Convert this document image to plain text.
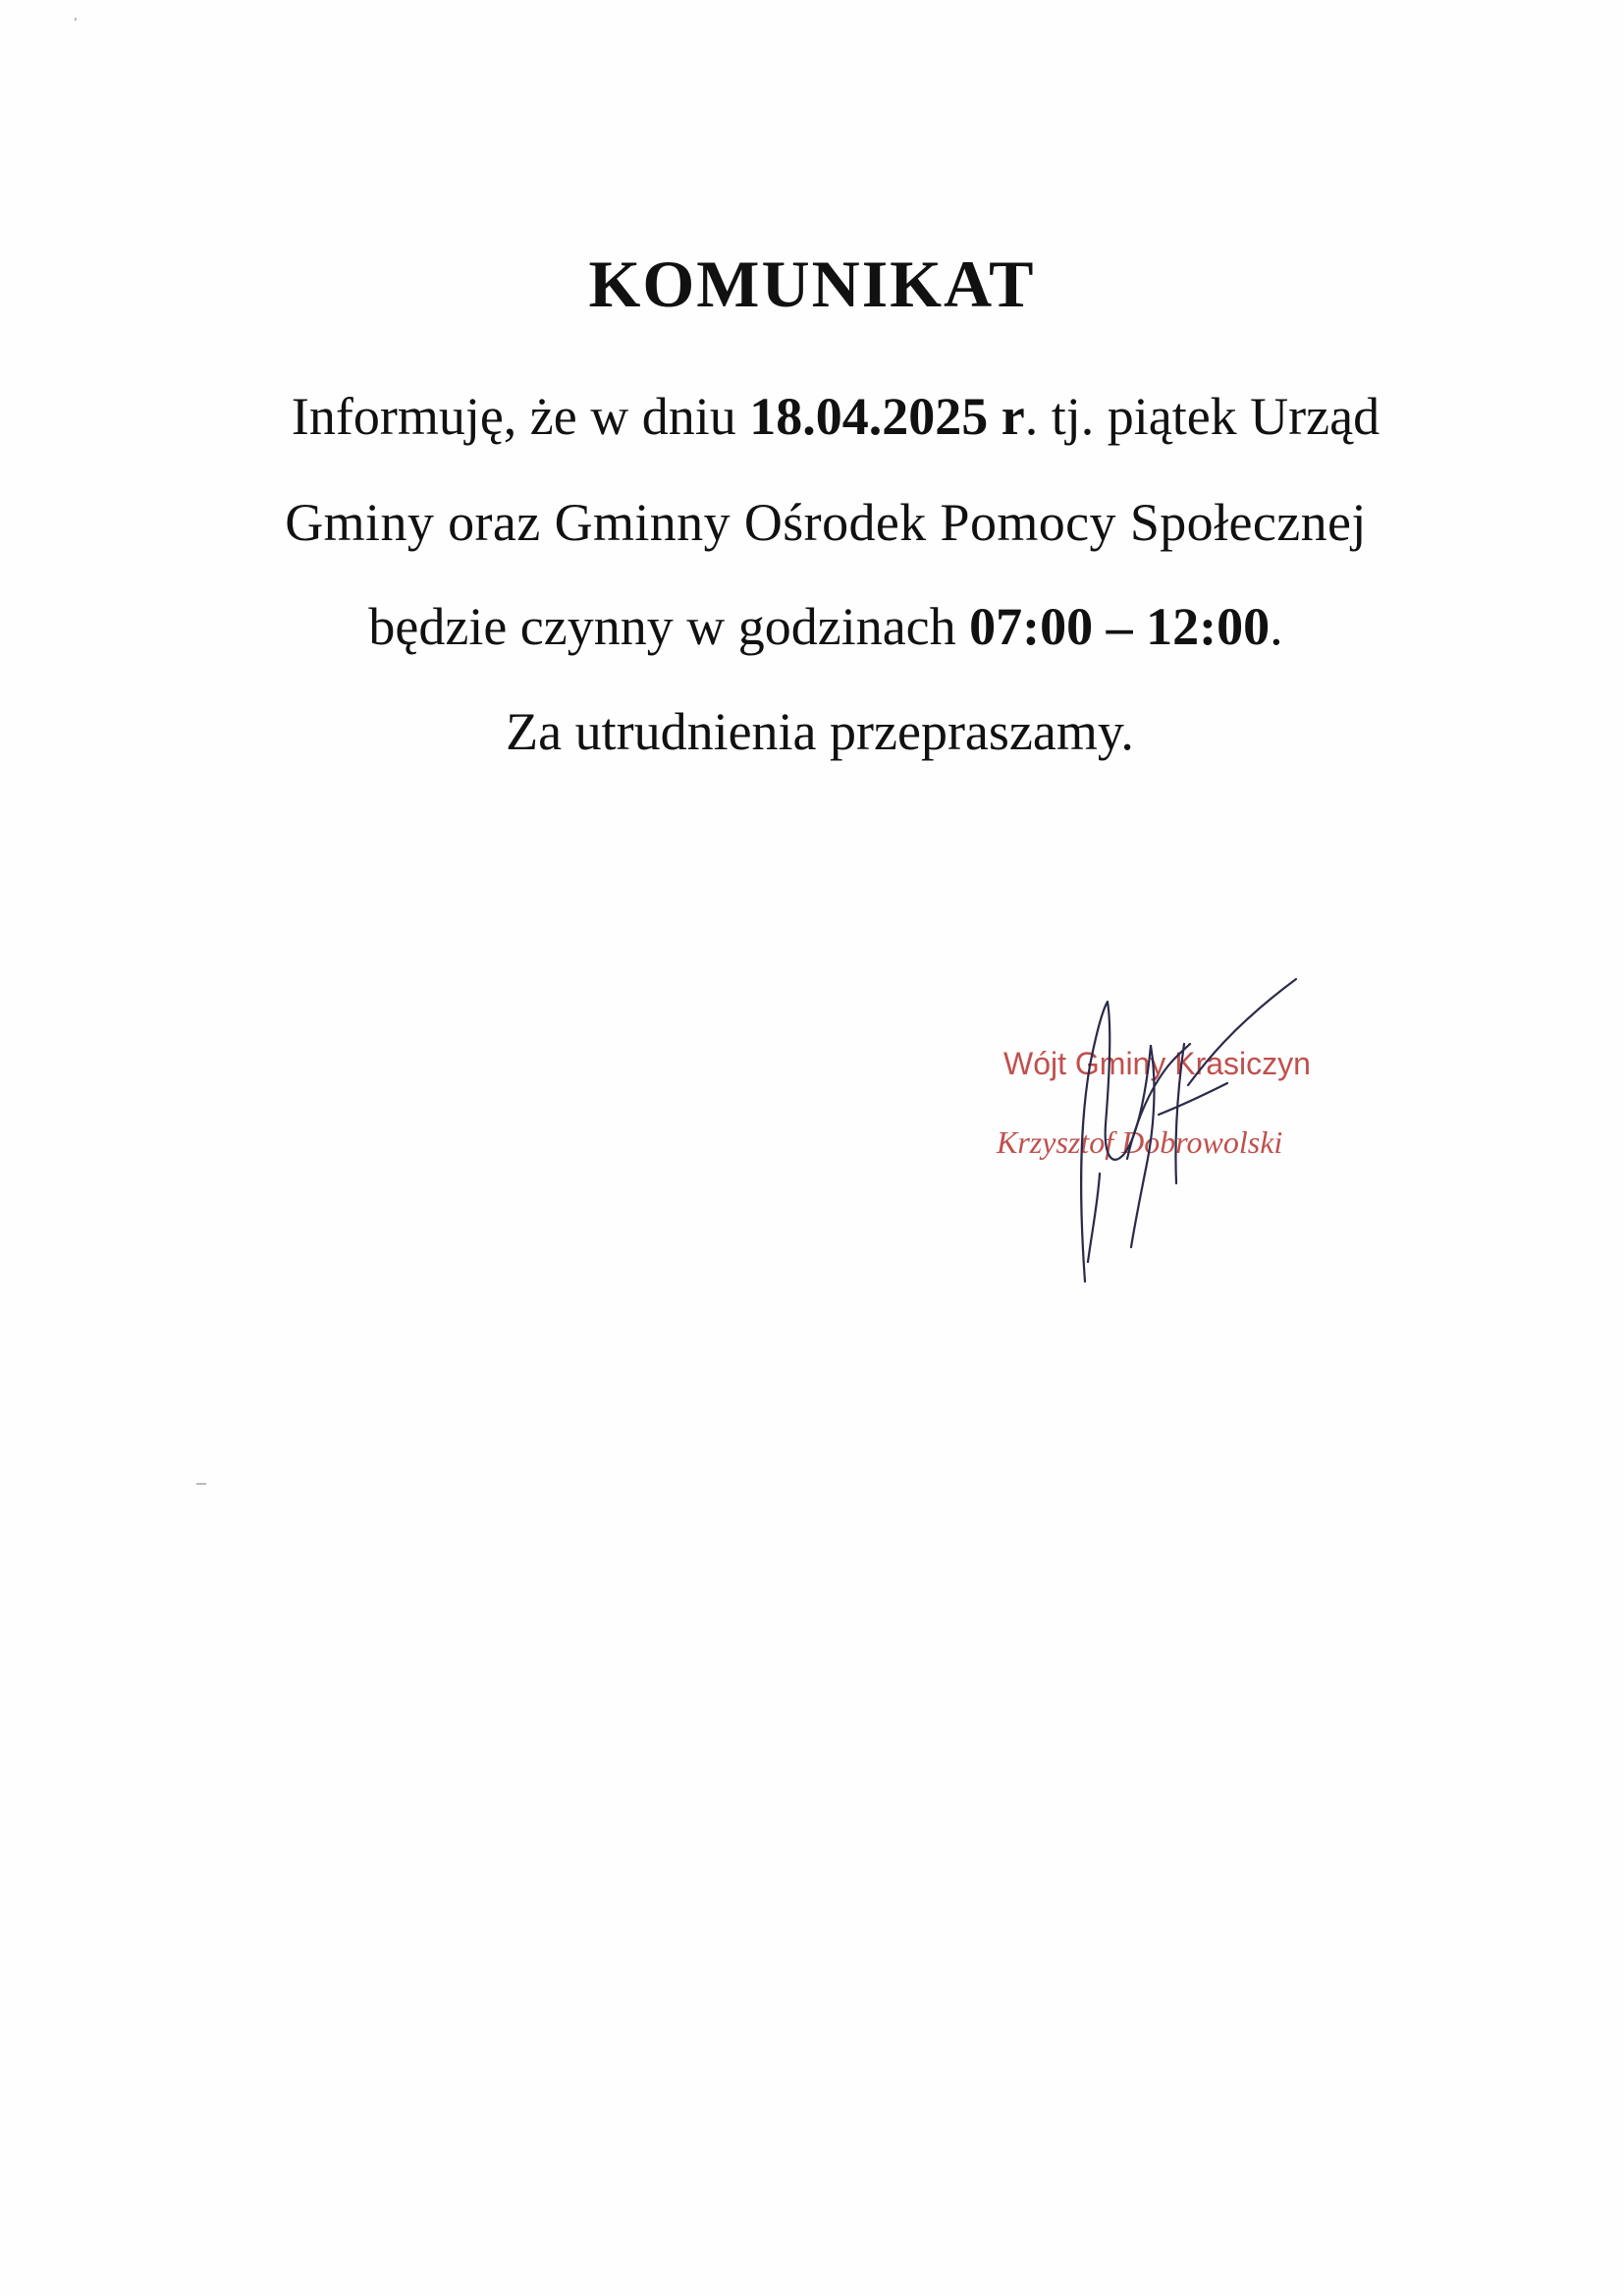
KOMUNIKAT
Informuję, że w dniu 18.04.2025 r. tj. piątek Urząd
Gminy oraz Gminny Ośrodek Pomocy Społecznej
będzie czynny w godzinach 07:00 – 12:00.
Za utrudnienia przepraszamy.
Wójt Gminy Krasiczyn
Krzysztof Dobrowolski
